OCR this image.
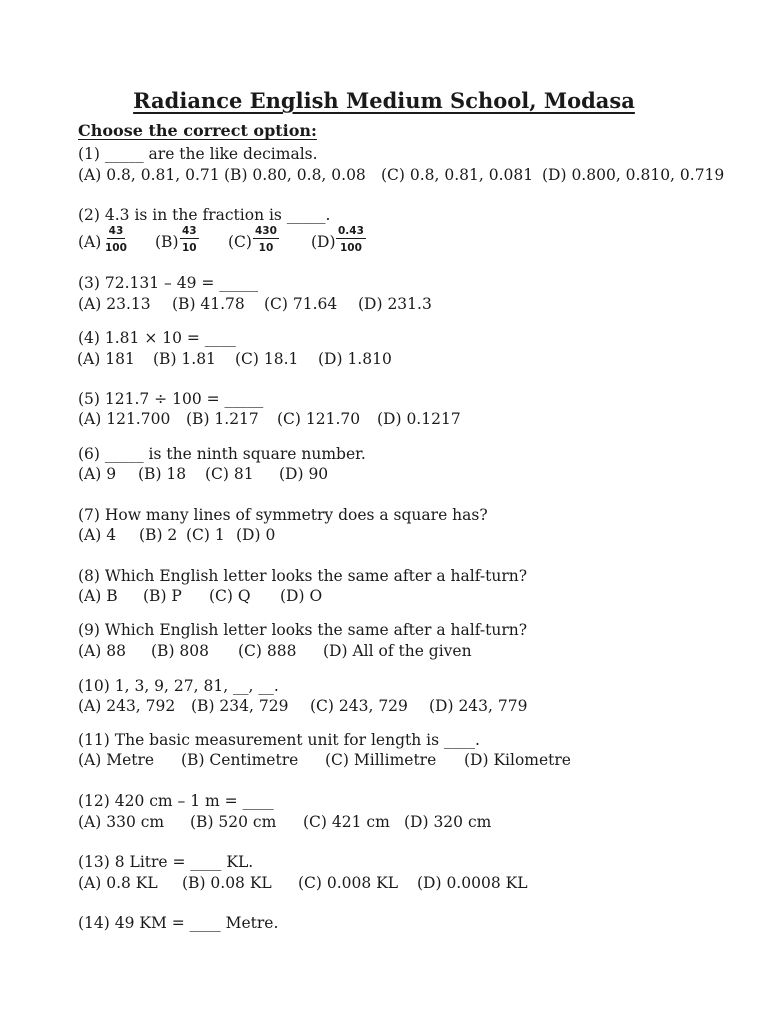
Radiance English Medium School, Modasa
Choose the correct option:
(1) _____ are the like decimals.
(A) 0.8, 0.81, 0.71 (B) 0.80, 0.8, 0.08 (C) 0.8, 0.81, 0.081 (D) 0.800, 0.810, 0.719
(2) 4.3 is in the fraction is _____.
$(A) \frac{43}{100} (B) \frac{43}{10} (C) \frac{430}{10} (D) \frac{0.43}{100}$
(3) 72.131 – 49 = _____
(A) 23.13 (B) 41.78 (C) 71.64 (D) 231.3
(4) 1.81 × 10 = ____
(A) 181 (B) 1.81 (C) 18.1 (D) 1.810
(5) 121.7 ÷ 100 = _____
(A) 121.700 (B) 1.217 (C) 121.70 (D) 0.1217
(6) _____ is the ninth square number.
(A) 9 (B) 18 (C) 81 (D) 90
(7) How many lines of symmetry does a square has?
(A) 4 (B) 2 (C) 1 (D) 0
(8) Which English letter looks the same after a half-turn?
(A) B (B) P (C) Q (D) O
(9) Which English letter looks the same after a half-turn?
(A) 88 (B) 808 (C) 888 (D) All of the given
(10) 1, 3, 9, 27, 81, __, __.
(A) 243, 792 (B) 234, 729 (C) 243, 729 (D) 243, 779
(11) The basic measurement unit for length is ____.
(A) Metre (B) Centimetre (C) Millimetre (D) Kilometre
(12) 420 cm – 1 m = ____
(A) 330 cm (B) 520 cm (C) 421 cm (D) 320 cm
(13) 8 Litre = ____ KL.
(A) 0.8 KL (B) 0.08 KL (C) 0.008 KL (D) 0.0008 KL
(14) 49 KM = ____ Metre.
